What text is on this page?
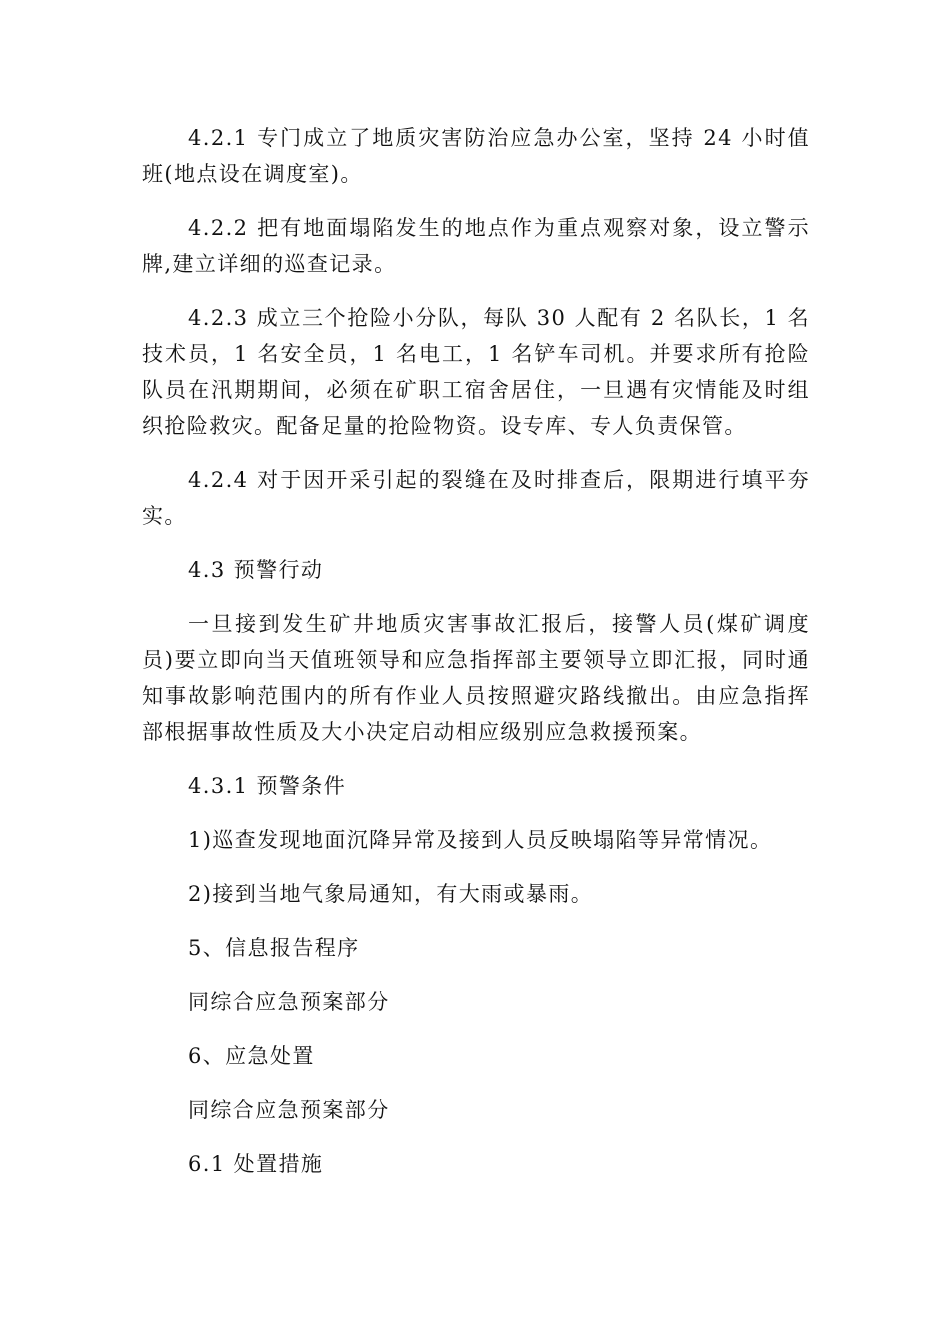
4.2.1 专门成立了地质灾害防治应急办公室，坚持 24 小时值班(地点设在调度室)。

4.2.2 把有地面塌陷发生的地点作为重点观察对象，设立警示牌,建立详细的巡查记录。

4.2.3 成立三个抢险小分队，每队 30 人配有 2 名队长，1 名技术员，1 名安全员，1 名电工，1 名铲车司机。并要求所有抢险队员在汛期期间，必须在矿职工宿舍居住，一旦遇有灾情能及时组织抢险救灾。配备足量的抢险物资。设专库、专人负责保管。

4.2.4 对于因开采引起的裂缝在及时排查后，限期进行填平夯实。

4.3 预警行动

一旦接到发生矿井地质灾害事故汇报后，接警人员(煤矿调度员)要立即向当天值班领导和应急指挥部主要领导立即汇报，同时通知事故影响范围内的所有作业人员按照避灾路线撤出。由应急指挥部根据事故性质及大小决定启动相应级别应急救援预案。

4.3.1 预警条件

1)巡查发现地面沉降异常及接到人员反映塌陷等异常情况。

2)接到当地气象局通知，有大雨或暴雨。

5、信息报告程序

同综合应急预案部分

6、应急处置

同综合应急预案部分

6.1 处置措施
